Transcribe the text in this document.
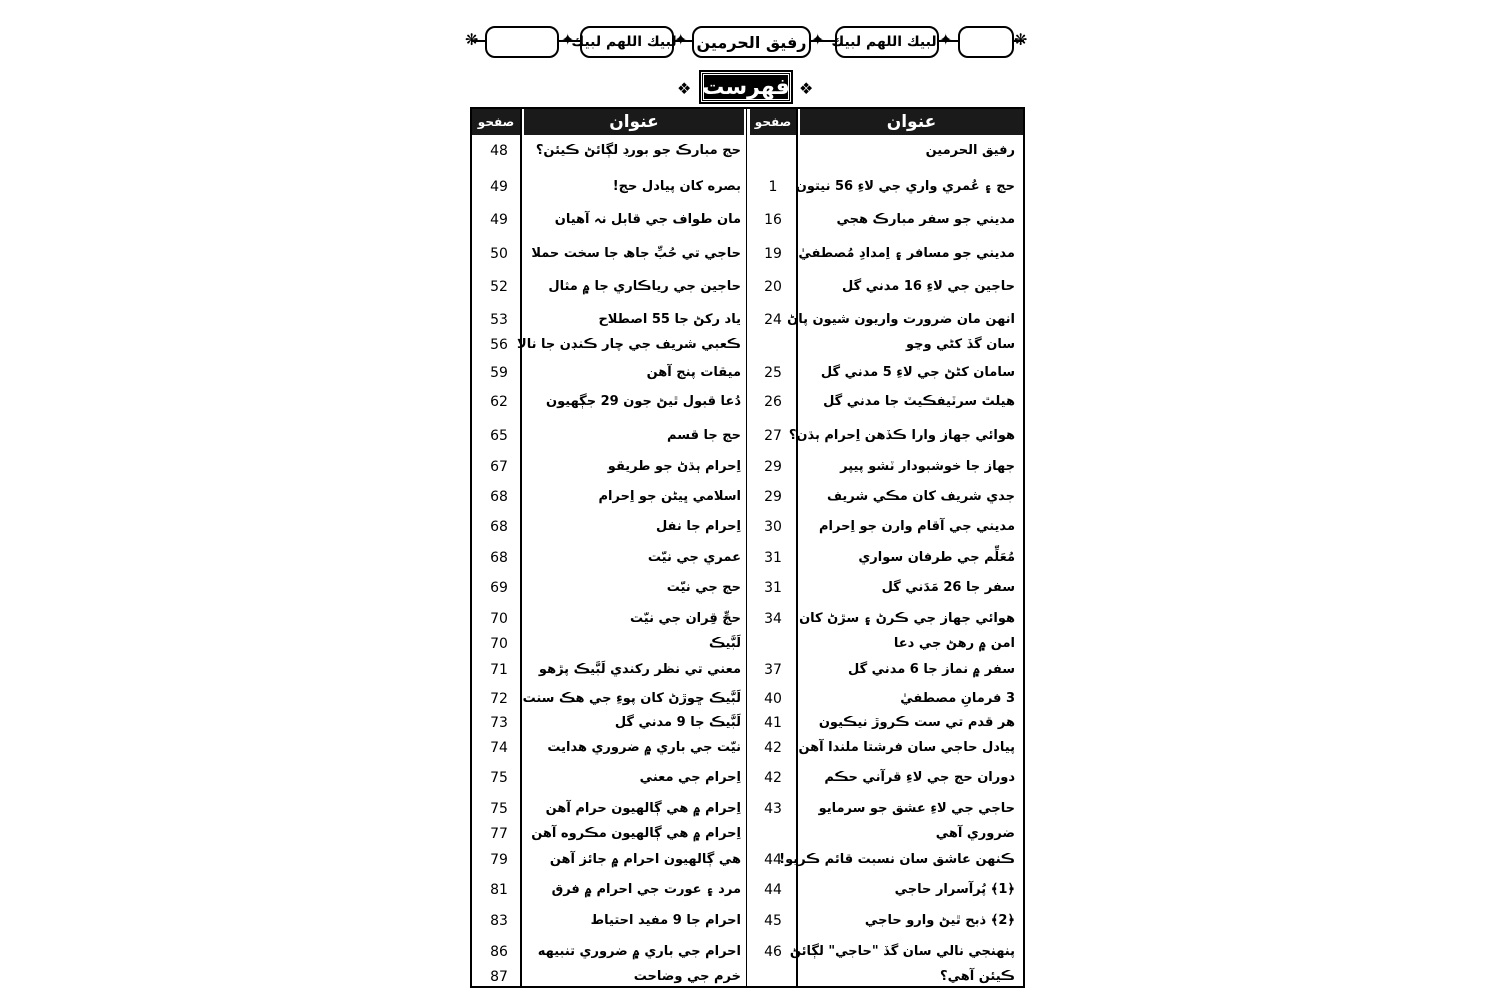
❋	✦
لبيك اللهم لبيك
✦ رفيق الحرمين ✦ لبيك اللهم لبيك ✦	❋
❖ فهرست ❖
عنوان
صفحو
عنوان
صفحو
رفيق الحرمين
حج ۽ عُمري واري جي لاءِ 56 نيتون
1
مديني جو سفر مبارڪ هجي
16
مديني جو مسافر ۽ اِمدادِ مُصطفيٰ
19
حاجين جي لاءِ 16 مدني گل
20
انهن مان ضرورت واريون شيون پاڻ
24
سان گڏ کڻي وڃو
سامان کڻڻ جي لاءِ 5 مدني گل
25
هيلٿ سرٽيفڪيٽ جا مدني گل
26
هوائي جهاز وارا ڪڏهن اِحرام ٻڌن؟
27
جهاز جا خوشبودار ٽشو پيپر
29
جدي شريف کان مڪي شريف
29
مديني جي آقام وارن جو اِحرام
30
مُعَلِّم جي طرفان سواري
31
سفر جا 26 مَدَني گل
31
هوائي جهاز جي ڪرڻ ۽ سڙڻ کان
34
امن ۾ رهڻ جي دعا
سفر ۾ نماز جا 6 مدني گل
37
3 فرمانِ مصطفيٰ
40
هر قدم تي ست ڪروڙ نيڪيون
41
پيادل حاجي سان فرشتا ملندا آهن
42
دوران حج جي لاءِ قرآني حڪم
42
حاجي جي لاءِ عشق جو سرمايو
43
ضروري آهي
ڪنهن عاشق سان نسبت قائم ڪريو!
44
﴿1﴾ پُرآسرار حاجي
44
﴿2﴾ ذبح ٿيڻ وارو حاجي
45
پنهنجي نالي سان گڏ "حاجي" لڳائڻ
46
ڪيئن آهي؟
حج مبارڪ جو بورڊ لڳائڻ ڪيئن؟
48
بصره کان پيادل حج!
49
مان طواف جي قابل نہ آهيان
49
حاجي تي حُبِّ جاھ جا سخت حملا
50
حاجين جي رياڪاري جا ۾ مثال
52
ياد رکڻ جا 55 اصطلاح
53
ڪعبي شريف جي چار ڪنڊن جا نالا
56
ميقات پنج آهن
59
دُعا قبول ٿيڻ جون 29 جڳهيون
62
حج جا قسم
65
اِحرام ٻڌڻ جو طريقو
67
اسلامي ڀيڻن جو اِحرام
68
اِحرام جا نفل
68
عمري جي نيّت
68
حج جي نيّت
69
حجِّ قِران جي نيّت
70
لَبَّيڪ
70
معني تي نظر رکندي لَبَّيڪ پڙهو
71
لَبَّيڪ ڇوڙڻ کان پوءِ جي هڪ سنت
72
لَبَّيڪ جا 9 مدني گل
73
نيّت جي باري ۾ ضروري هدايت
74
اِحرام جي معني
75
اِحرام ۾ هي ڳالهيون حرام آهن
75
اِحرام ۾ هي ڳالهيون مڪروه آهن
77
هي ڳالهيون احرام ۾ جائز آهن
79
مرد ۽ عورت جي احرام ۾ فرق
81
احرام جا 9 مفيد احتياط
83
احرام جي باري ۾ ضروري تنبيهه
86
خرم جي وضاحت
87
